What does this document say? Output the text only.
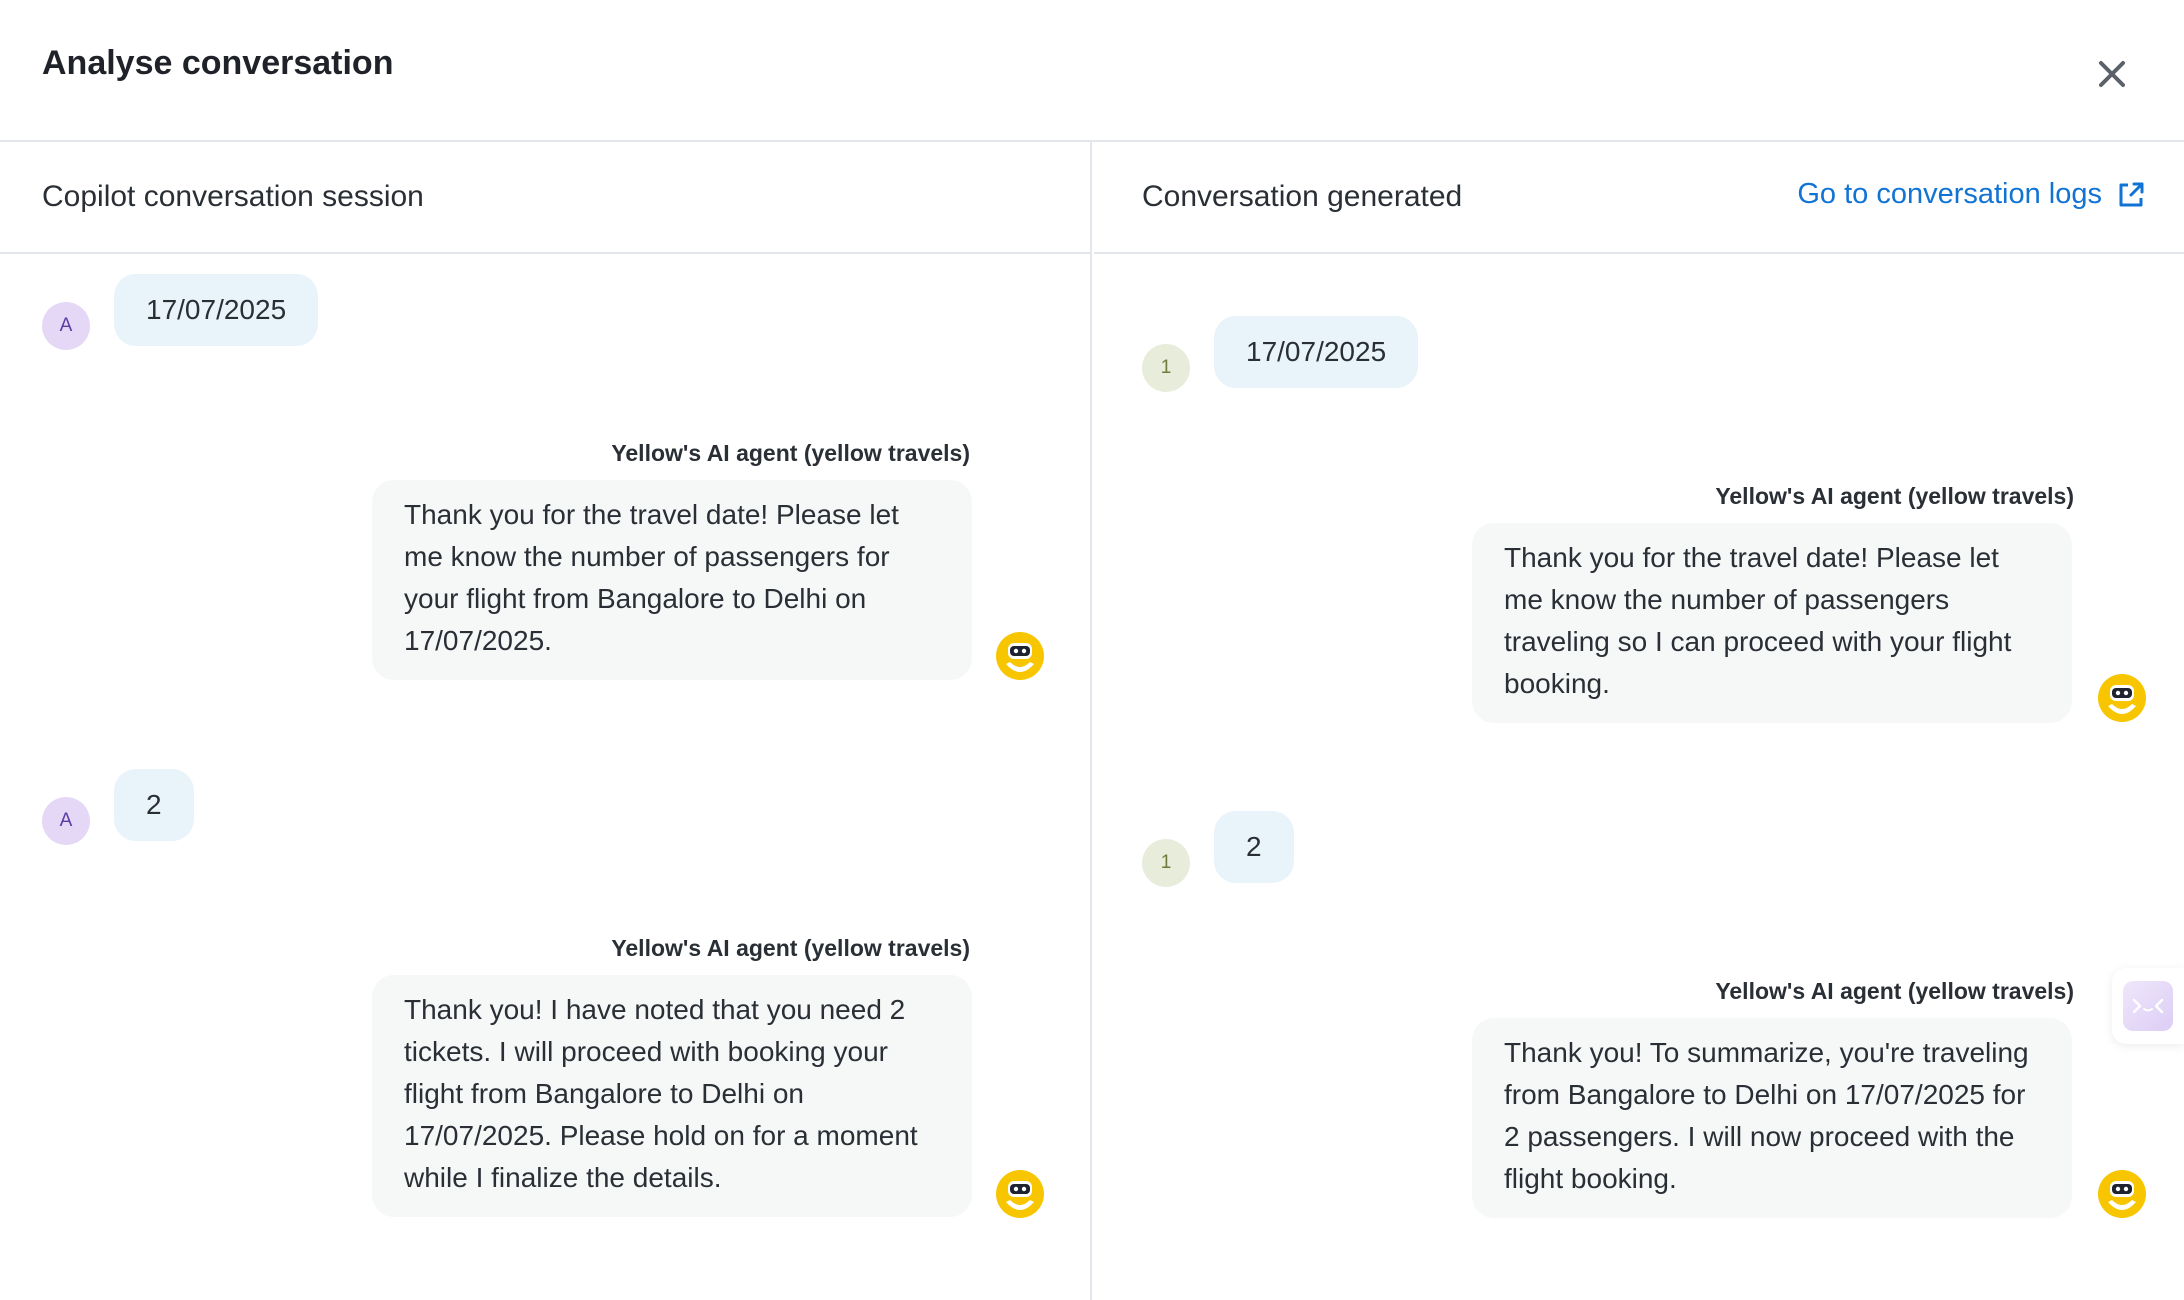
Analyse conversation
Copilot conversation session
A
17/07/2025
Yellow's AI agent (yellow travels)
Thank you for the travel date! Please let me know the number of passengers for your flight from Bangalore to Delhi on 17/07/2025.
A
2
Yellow's AI agent (yellow travels)
Thank you! I have noted that you need 2 tickets. I will proceed with booking your flight from Bangalore to Delhi on 17/07/2025. Please hold on for a moment while I finalize the details.
Conversation generated	Go to conversation logs
1
17/07/2025
Yellow's AI agent (yellow travels)
Thank you for the travel date! Please let me know the number of passengers traveling so I can proceed with your flight booking.
1
2
Yellow's AI agent (yellow travels)
Thank you! To summarize, you're traveling from Bangalore to Delhi on 17/07/2025 for 2 passengers. I will now proceed with the flight booking.
